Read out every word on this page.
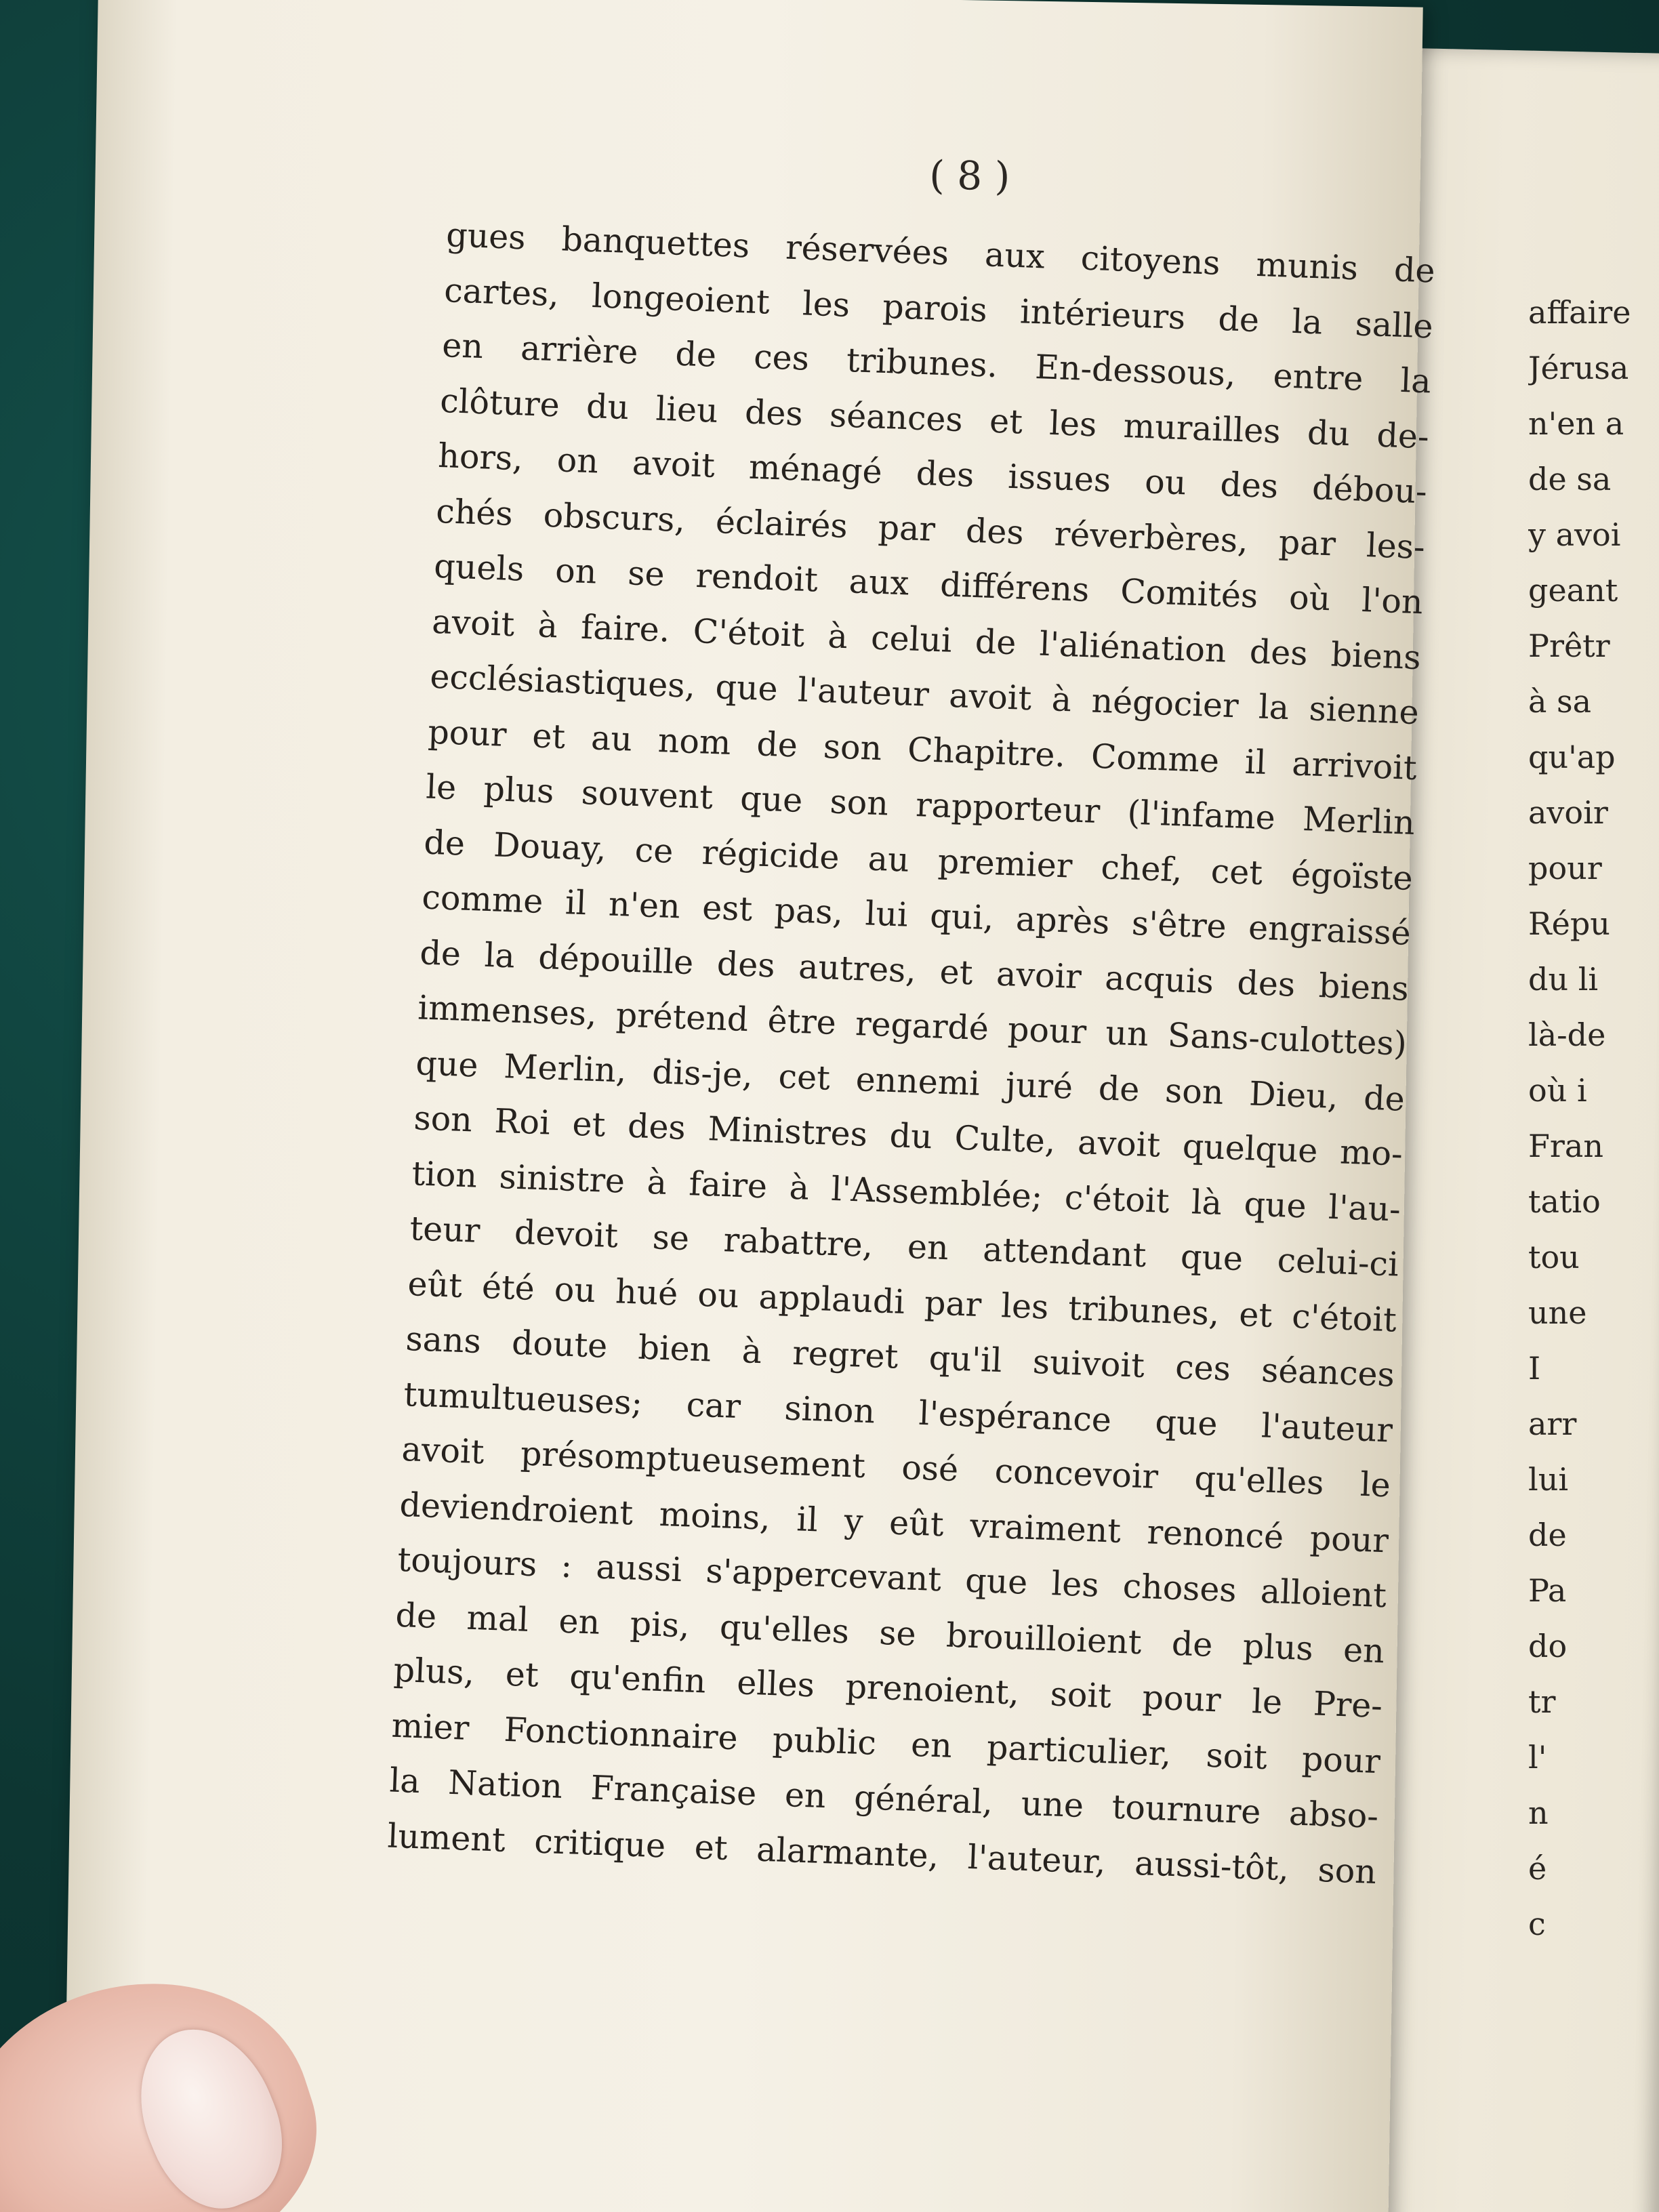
affaire
Jérusa
n'en a
de sa
y avoi
geant
Prêtr
à sa
qu'ap
avoir
pour
Répu
du li
là-de
où i
Fran
tatio
tou
une
I
arr
lui
de
Pa
do
tr
l'
n
é
c
( 8 )
gues banquettes réservées aux citoyens munis de
cartes, longeoient les parois intérieurs de la salle
en arrière de ces tribunes. En-dessous, entre la
clôture du lieu des séances et les murailles du de-
hors, on avoit ménagé des issues ou des débou-
chés obscurs, éclairés par des réverbères, par les-
quels on se rendoit aux différens Comités où l'on
avoit à faire. C'étoit à celui de l'aliénation des biens
ecclésiastiques, que l'auteur avoit à négocier la sienne
pour et au nom de son Chapitre. Comme il arrivoit
le plus souvent que son rapporteur (l'infame Merlin
de Douay, ce régicide au premier chef, cet égoïste
comme il n'en est pas, lui qui, après s'être engraissé
de la dépouille des autres, et avoir acquis des biens
immenses, prétend être regardé pour un Sans-culottes)
que Merlin, dis-je, cet ennemi juré de son Dieu, de
son Roi et des Ministres du Culte, avoit quelque mo-
tion sinistre à faire à l'Assemblée; c'étoit là que l'au-
teur devoit se rabattre, en attendant que celui-ci
eût été ou hué ou applaudi par les tribunes, et c'étoit
sans doute bien à regret qu'il suivoit ces séances
tumultueuses; car sinon l'espérance que l'auteur
avoit présomptueusement osé concevoir qu'elles le
deviendroient moins, il y eût vraiment renoncé pour
toujours : aussi s'appercevant que les choses alloient
de mal en pis, qu'elles se brouilloient de plus en
plus, et qu'enfin elles prenoient, soit pour le Pre-
mier Fonctionnaire public en particulier, soit pour
la Nation Française en général, une tournure abso-
lument critique et alarmante, l'auteur, aussi-tôt, son
